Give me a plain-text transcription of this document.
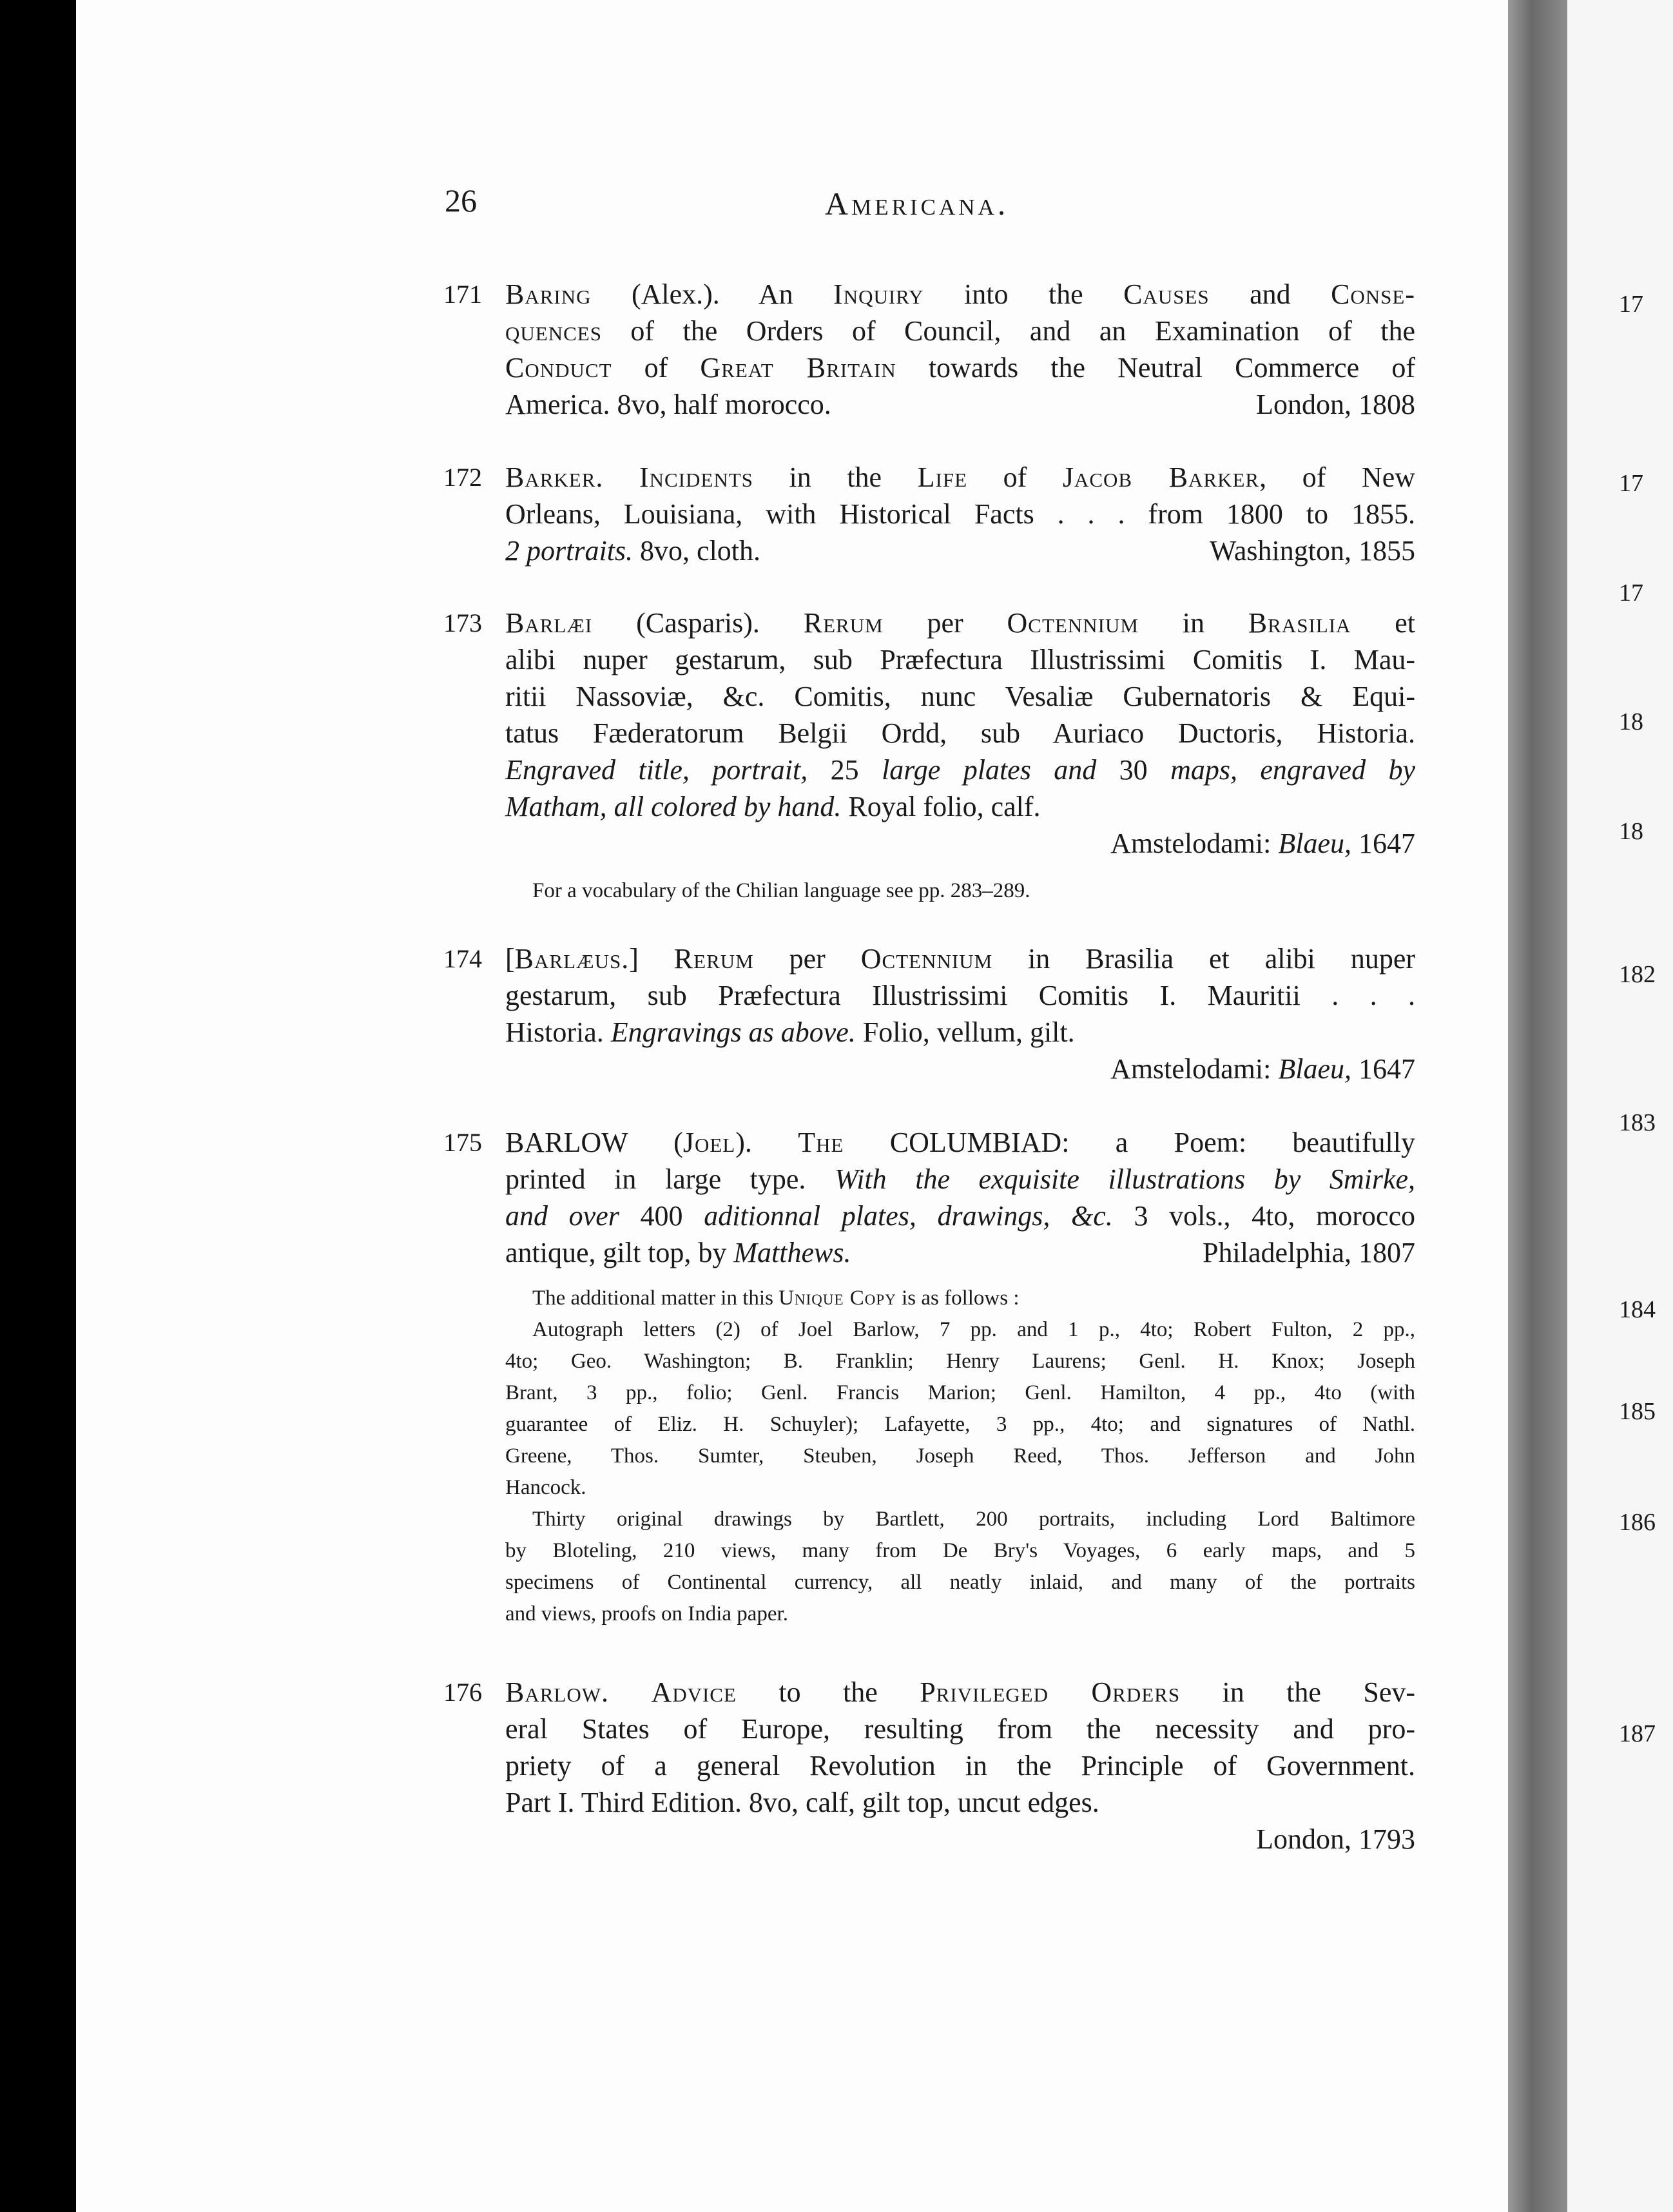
26	Americana.
171 Baring (Alex.). An Inquiry into the Causes and Conse-
quences of the Orders of Council, and an Examination of the
Conduct of Great Britain towards the Neutral Commerce of
America. 8vo, half morocco.	London, 1808
172 Barker. Incidents in the Life of Jacob Barker, of New
Orleans, Louisiana, with Historical Facts . . . from 1800 to 1855.
2 portraits. 8vo, cloth.	Washington, 1855
173 Barlæi (Casparis). Rerum per Octennium in Brasilia et
alibi nuper gestarum, sub Præfectura Illustrissimi Comitis I. Mau-
ritii Nassoviæ, &c. Comitis, nunc Vesaliæ Gubernatoris & Equi-
tatus Fæderatorum Belgii Ordd, sub Auriaco Ductoris, Historia.
Engraved title, portrait, 25 large plates and 30 maps, engraved by
Matham, all colored by hand. Royal folio, calf.
Amstelodami: Blaeu, 1647
For a vocabulary of the Chilian language see pp. 283–289.
174 [Barlæus.] Rerum per Octennium in Brasilia et alibi nuper
gestarum, sub Præfectura Illustrissimi Comitis I. Mauritii . . .
Historia. Engravings as above. Folio, vellum, gilt.
Amstelodami: Blaeu, 1647
175 BARLOW (Joel). The COLUMBIAD: a Poem: beautifully
printed in large type. With the exquisite illustrations by Smirke,
and over 400 aditionnal plates, drawings, &c. 3 vols., 4to, morocco
antique, gilt top, by Matthews.	Philadelphia, 1807
The additional matter in this Unique Copy is as follows :
Autograph letters (2) of Joel Barlow, 7 pp. and 1 p., 4to; Robert Fulton, 2 pp.,
4to; Geo. Washington; B. Franklin; Henry Laurens; Genl. H. Knox; Joseph
Brant, 3 pp., folio; Genl. Francis Marion; Genl. Hamilton, 4 pp., 4to (with
guarantee of Eliz. H. Schuyler); Lafayette, 3 pp., 4to; and signatures of Nathl.
Greene, Thos. Sumter, Steuben, Joseph Reed, Thos. Jefferson and John
Hancock.
Thirty original drawings by Bartlett, 200 portraits, including Lord Baltimore
by Bloteling, 210 views, many from De Bry's Voyages, 6 early maps, and 5
specimens of Continental currency, all neatly inlaid, and many of the portraits
and views, proofs on India paper.
176 Barlow. Advice to the Privileged Orders in the Sev-
eral States of Europe, resulting from the necessity and pro-
priety of a general Revolution in the Principle of Government.
Part I. Third Edition. 8vo, calf, gilt top, uncut edges.
London, 1793
17
17
17
18
18
182
183
184
185
186
187
